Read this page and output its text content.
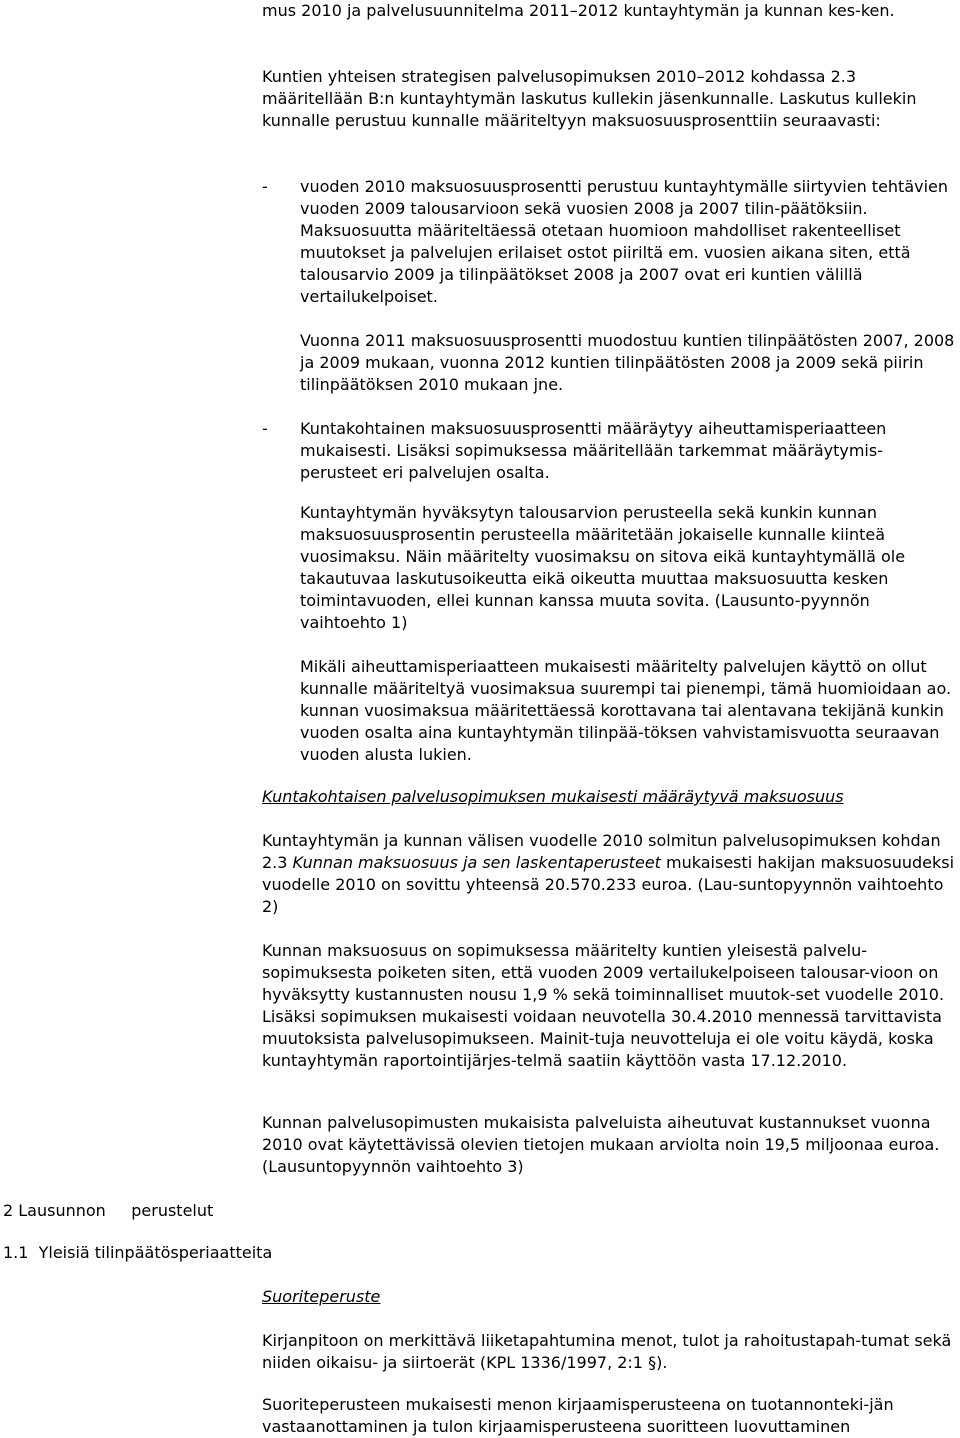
mus 2010 ja palvelusuunnitelma 2011–2012 kuntayhtymän ja kunnan kes-ken.

Kuntien yhteisen strategisen palvelusopimuksen 2010–2012 kohdassa 2.3 määritellään B:n kuntayhtymän laskutus kullekin jäsenkunnalle. Laskutus kullekin kunnalle perustuu kunnalle määriteltyyn maksuosuusprosenttiin seuraavasti:

- vuoden 2010 maksuosuusprosentti perustuu kuntayhtymälle siirtyvien tehtävien vuoden 2009 talousarvioon sekä vuosien 2008 ja 2007 tilin-päätöksiin. Maksuosuutta määriteltäessä otetaan huomioon mahdolliset rakenteelliset muutokset ja palvelujen erilaiset ostot piiriltä em. vuosien aikana siten, että talousarvio 2009 ja tilinpäätökset 2008 ja 2007 ovat eri kuntien välillä vertailukelpoiset.

Vuonna 2011 maksuosuusprosentti muodostuu kuntien tilinpäätösten 2007, 2008 ja 2009 mukaan, vuonna 2012 kuntien tilinpäätösten 2008 ja 2009 sekä piirin tilinpäätöksen 2010 mukaan jne.

- Kuntakohtainen maksuosuusprosentti määräytyy aiheuttamisperiaatteen mukaisesti. Lisäksi sopimuksessa määritellään tarkemmat määräytymis-perusteet eri palvelujen osalta.

Kuntayhtymän hyväksytyn talousarvion perusteella sekä kunkin kunnan maksuosuusprosentin perusteella määritetään jokaiselle kunnalle kiinteä vuosimaksu. Näin määritelty vuosimaksu on sitova eikä kuntayhtymällä ole takautuvaa laskutusoikeutta eikä oikeutta muuttaa maksuosuutta kesken toimintavuoden, ellei kunnan kanssa muuta sovita. (Lausunto-pyynnön vaihtoehto 1)

Mikäli aiheuttamisperiaatteen mukaisesti määritelty palvelujen käyttö on ollut kunnalle määriteltyä vuosimaksua suurempi tai pienempi, tämä huomioidaan ao. kunnan vuosimaksua määritettäessä korottavana tai alentavana tekijänä kunkin vuoden osalta aina kuntayhtymän tilinpää-töksen vahvistamisvuotta seuraavan vuoden alusta lukien.

Kuntakohtaisen palvelusopimuksen mukaisesti määräytyvä maksuosuus

Kuntayhtymän ja kunnan välisen vuodelle 2010 solmitun palvelusopimuksen kohdan 2.3 Kunnan maksuosuus ja sen laskentaperusteet mukaisesti hakijan maksuosuudeksi vuodelle 2010 on sovittu yhteensä 20.570.233 euroa. (Lau-suntopyynnön vaihtoehto 2)

Kunnan maksuosuus on sopimuksessa määritelty kuntien yleisestä palvelu-sopimuksesta poiketen siten, että vuoden 2009 vertailukelpoiseen talousar-vioon on hyväksytty kustannusten nousu 1,9 % sekä toiminnalliset muutok-set vuodelle 2010. Lisäksi sopimuksen mukaisesti voidaan neuvotella 30.4.2010 mennessä tarvittavista muutoksista palvelusopimukseen. Mainit-tuja neuvotteluja ei ole voitu käydä, koska kuntayhtymän raportointijärjes-telmä saatiin käyttöön vasta 17.12.2010.

Kunnan palvelusopimusten mukaisista palveluista aiheutuvat kustannukset vuonna 2010 ovat käytettävissä olevien tietojen mukaan arviolta noin 19,5 miljoonaa euroa. (Lausuntopyynnön vaihtoehto 3)

2 Lausunnon     perustelut

1.1  Yleisiä tilinpäätösperiaatteita

Suoriteperuste

Kirjanpitoon on merkittävä liiketapahtumina menot, tulot ja rahoitustapah-tumat sekä niiden oikaisu- ja siirtoerät (KPL 1336/1997, 2:1 §).

Suoriteperusteen mukaisesti menon kirjaamisperusteena on tuotannonteki-jän vastaanottaminen ja tulon kirjaamisperusteena suoritteen luovuttaminen
